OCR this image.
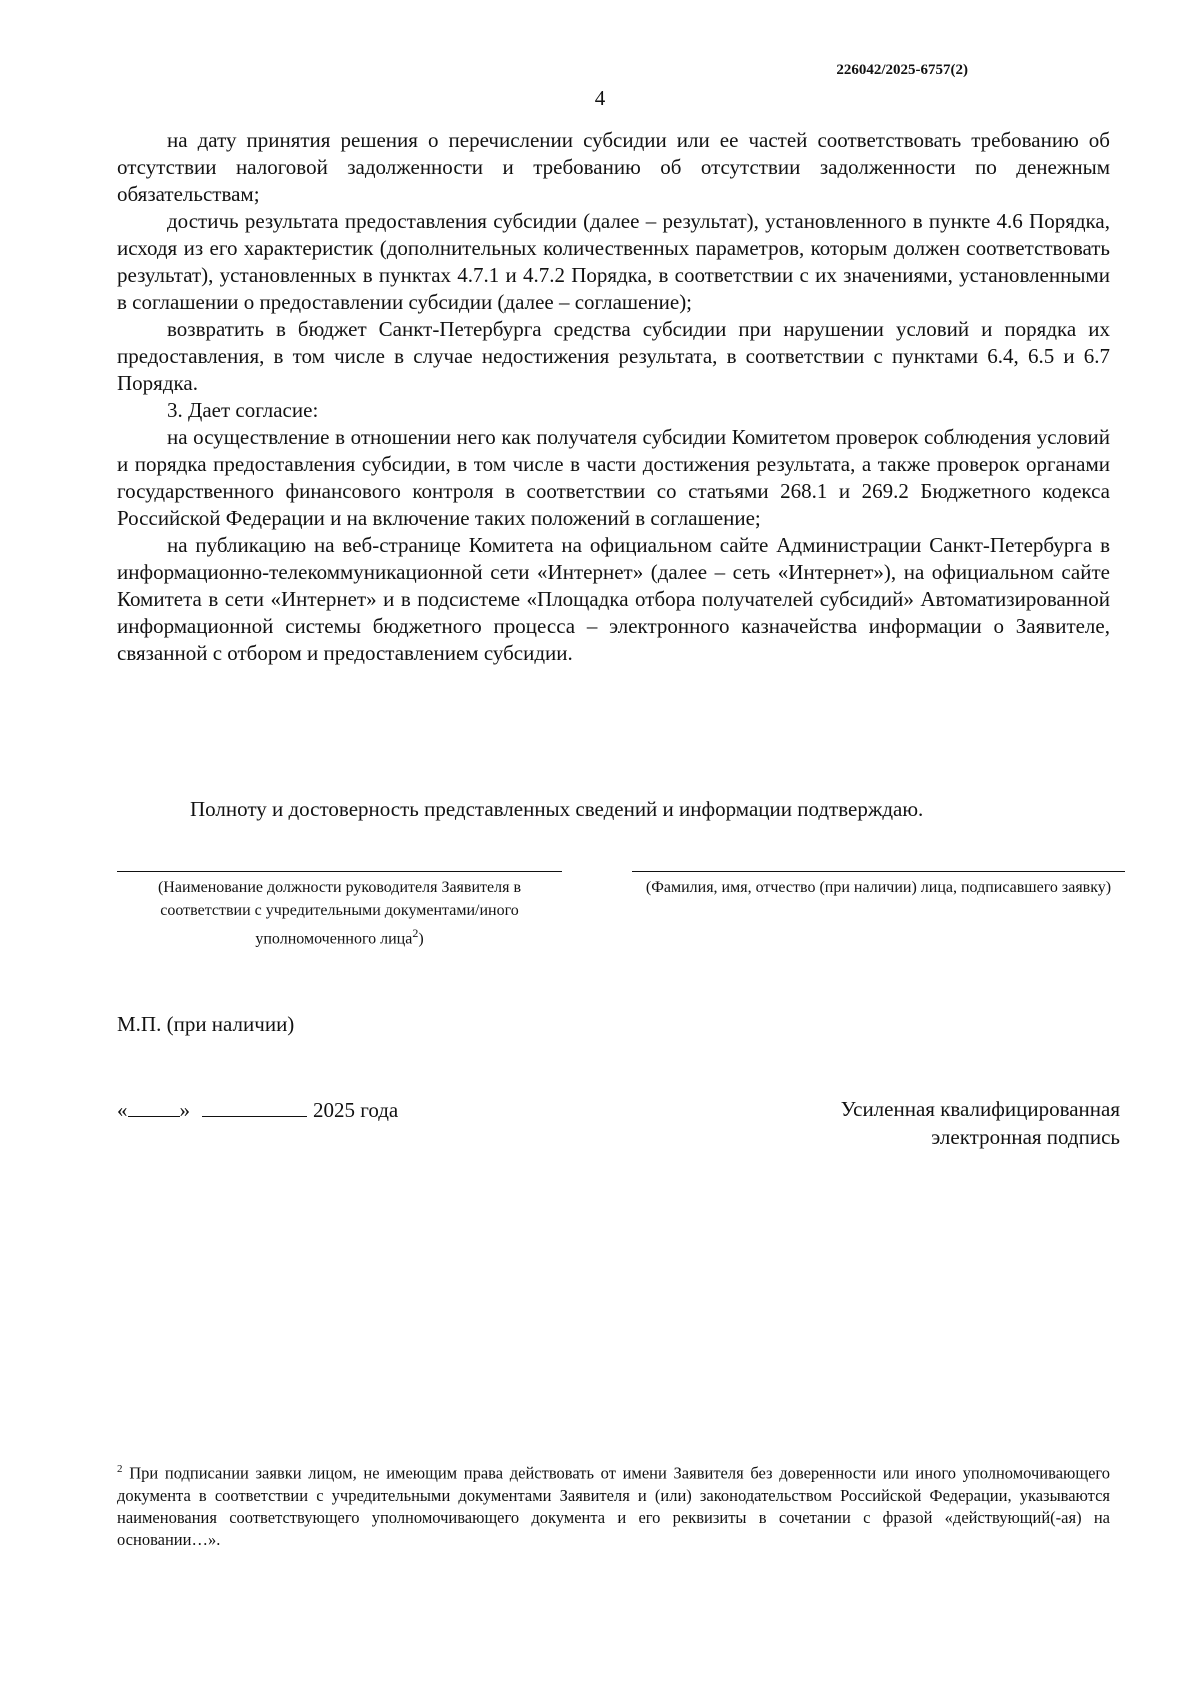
226042/2025-6757(2)
4

на дату принятия решения о перечислении субсидии или ее частей соответствовать требованию об отсутствии налоговой задолженности и требованию об отсутствии задолженности по денежным обязательствам;

достичь результата предоставления субсидии (далее – результат), установленного в пункте 4.6 Порядка, исходя из его характеристик (дополнительных количественных параметров, которым должен соответствовать результат), установленных в пунктах 4.7.1 и 4.7.2 Порядка, в соответствии с их значениями, установленными в соглашении о предоставлении субсидии (далее – соглашение);

возвратить в бюджет Санкт-Петербурга средства субсидии при нарушении условий и порядка их предоставления, в том числе в случае недостижения результата, в соответствии с пунктами 6.4, 6.5 и 6.7 Порядка.

3. Дает согласие:

на осуществление в отношении него как получателя субсидии Комитетом проверок соблюдения условий и порядка предоставления субсидии, в том числе в части достижения результата, а также проверок органами государственного финансового контроля в соответствии со статьями 268.1 и 269.2 Бюджетного кодекса Российской Федерации и на включение таких положений в соглашение;

на публикацию на веб-странице Комитета на официальном сайте Администрации Санкт-Петербурга в информационно-телекоммуникационной сети «Интернет» (далее – сеть «Интернет»), на официальном сайте Комитета в сети «Интернет» и в подсистеме «Площадка отбора получателей субсидий» Автоматизированной информационной системы бюджетного процесса – электронного казначейства информации о Заявителе, связанной с отбором и предоставлением субсидии.

Полноту и достоверность представленных сведений и информации подтверждаю.
(Наименование должности руководителя Заявителя в соответствии с учредительными документами/иного уполномоченного лица$^2$)
(Фамилия, имя, отчество (при наличии) лица, подписавшего заявку)
М.П. (при наличии)
« »	2025 года	Усиленная квалифицированная
электронная подпись
$^2$ При подписании заявки лицом, не имеющим права действовать от имени Заявителя без доверенности или иного уполномочивающего документа в соответствии с учредительными документами Заявителя и (или) законодательством Российской Федерации, указываются наименования соответствующего уполномочивающего документа и его реквизиты в сочетании с фразой «действующий(-ая) на основании…».
